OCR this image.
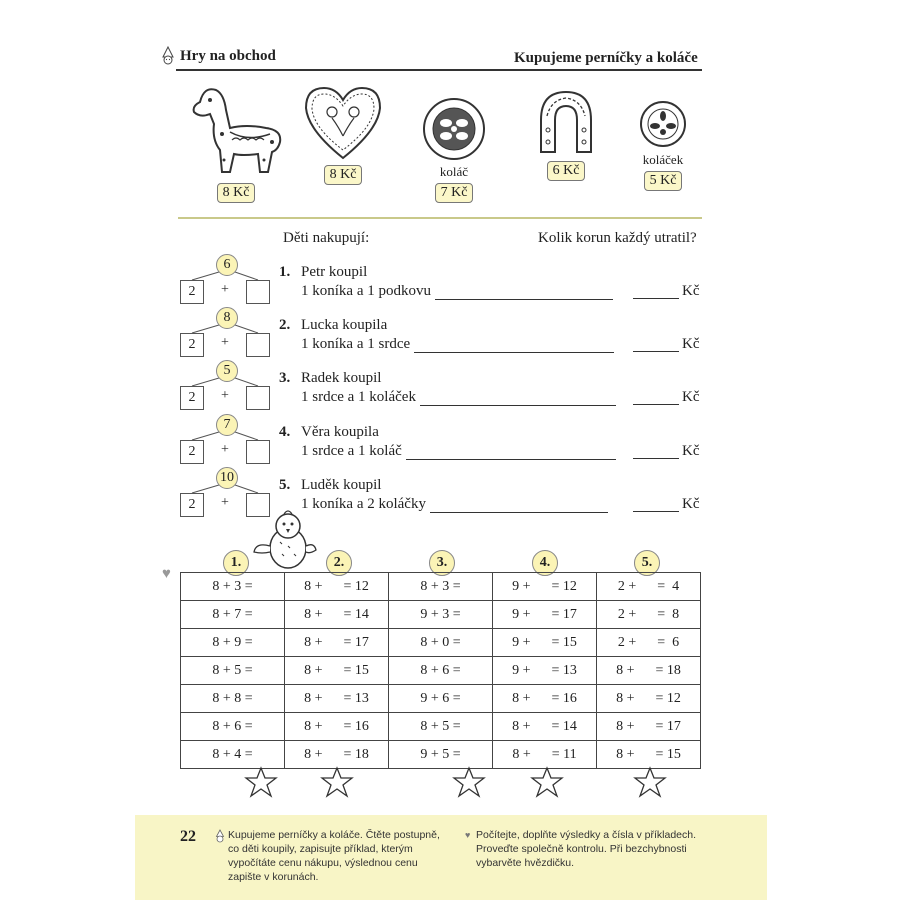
Hry na obchod	Kupujeme perníčky a koláče
8 Kč
8 Kč	koláč
7 Kč
6 Kč
koláček
5 Kč
Děti nakupují:	Kolik korun každý utratil?
6
2	+
1. Petr koupil
1 koníka a 1 podkovu	Kč
8
2	+
2. Lucka koupila
1 koníka a 1 srdce	Kč
5
2	+
3. Radek koupil
1 srdce a 1 koláček	Kč
7
2	+
4. Věra koupila
1 srdce a 1 koláč	Kč
10
2	+
5. Luděk koupil
1 koníka a 2 koláčky	Kč
♥
1.	2.	3.	4.	5.
8 + 3 =	8 +      = 12	8 + 3 =	9 +      = 12	2 +      =  4
8 + 7 =	8 +      = 14	9 + 3 =	9 +      = 17	2 +      =  8
8 + 9 =	8 +      = 17	8 + 0 =	9 +      = 15	2 +      =  6
8 + 5 =	8 +      = 15	8 + 6 =	9 +      = 13	8 +      = 18
8 + 8 =	8 +      = 13	9 + 6 =	8 +      = 16	8 +      = 12
8 + 6 =	8 +      = 16	8 + 5 =	8 +      = 14	8 +      = 17
8 + 4 =	8 +      = 18	9 + 5 =	8 +      = 11	8 +      = 15
22	Kupujeme perníčky a koláče. Čtěte postupně, co děti koupily, zapisujte příklad, kterým vypočítáte cenu nákupu, výslednou cenu zapište v korunách.
♥ Počítejte, doplňte výsledky a čísla v příkladech. Proveďte společně kontrolu. Při bezchybnosti vybarvěte hvězdičku.
